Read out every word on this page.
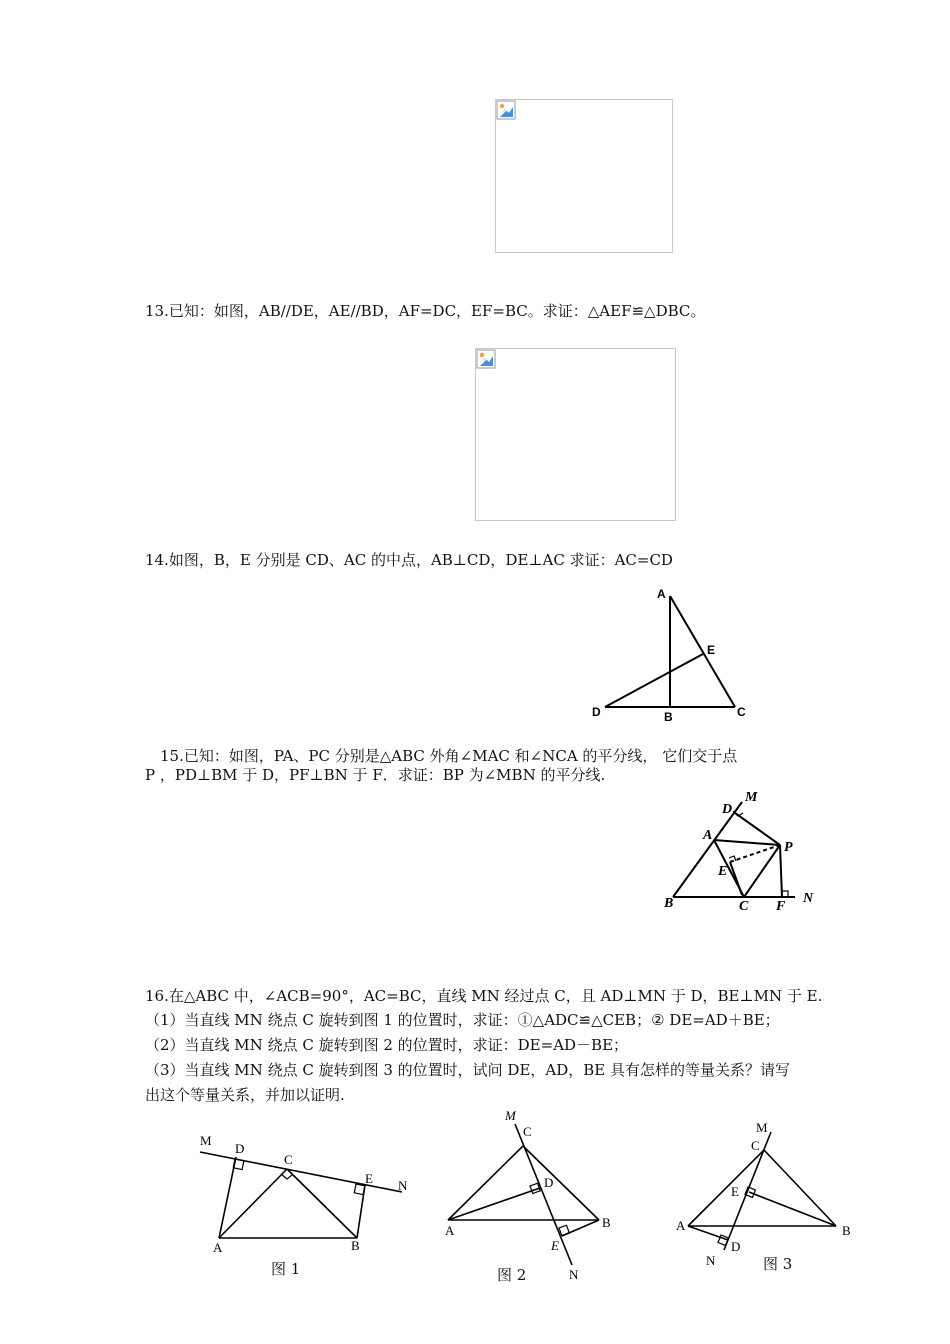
13.已知：如图，AB//DE，AE//BD，AF=DC，EF=BC。求证：△AEF≌△DBC。
14.如图，B，E 分别是 CD、AC 的中点，AB⊥CD，DE⊥AC 求证：AC=CD
A
E
D	B	C
15.已知：如图，PA、PC 分别是△ABC 外角∠MAC 和∠NCA 的平分线， 它们交于点
P ，PD⊥BM 于 D，PF⊥BN 于 F．求证：BP 为∠MBN 的平分线.
D
M
A
P
E
B	C F
N
16.在△ABC 中，∠ACB=90°，AC=BC，直线 MN 经过点 C，且 AD⊥MN 于 D，BE⊥MN 于 E.
（1）当直线 MN 绕点 C 旋转到图 1 的位置时，求证：①△ADC≌△CEB；② DE=AD＋BE；
（2）当直线 MN 绕点 C 旋转到图 2 的位置时，求证：DE=AD－BE；
（3）当直线 MN 绕点 C 旋转到图 3 的位置时，试问 DE，AD，BE 具有怎样的等量关系？请写
出这个等量关系，并加以证明.
M
D
C
E N
A	B
图 1
M
C
D
A
B
E
N
图 2
M
C
E
A	B
N
D
图 3
